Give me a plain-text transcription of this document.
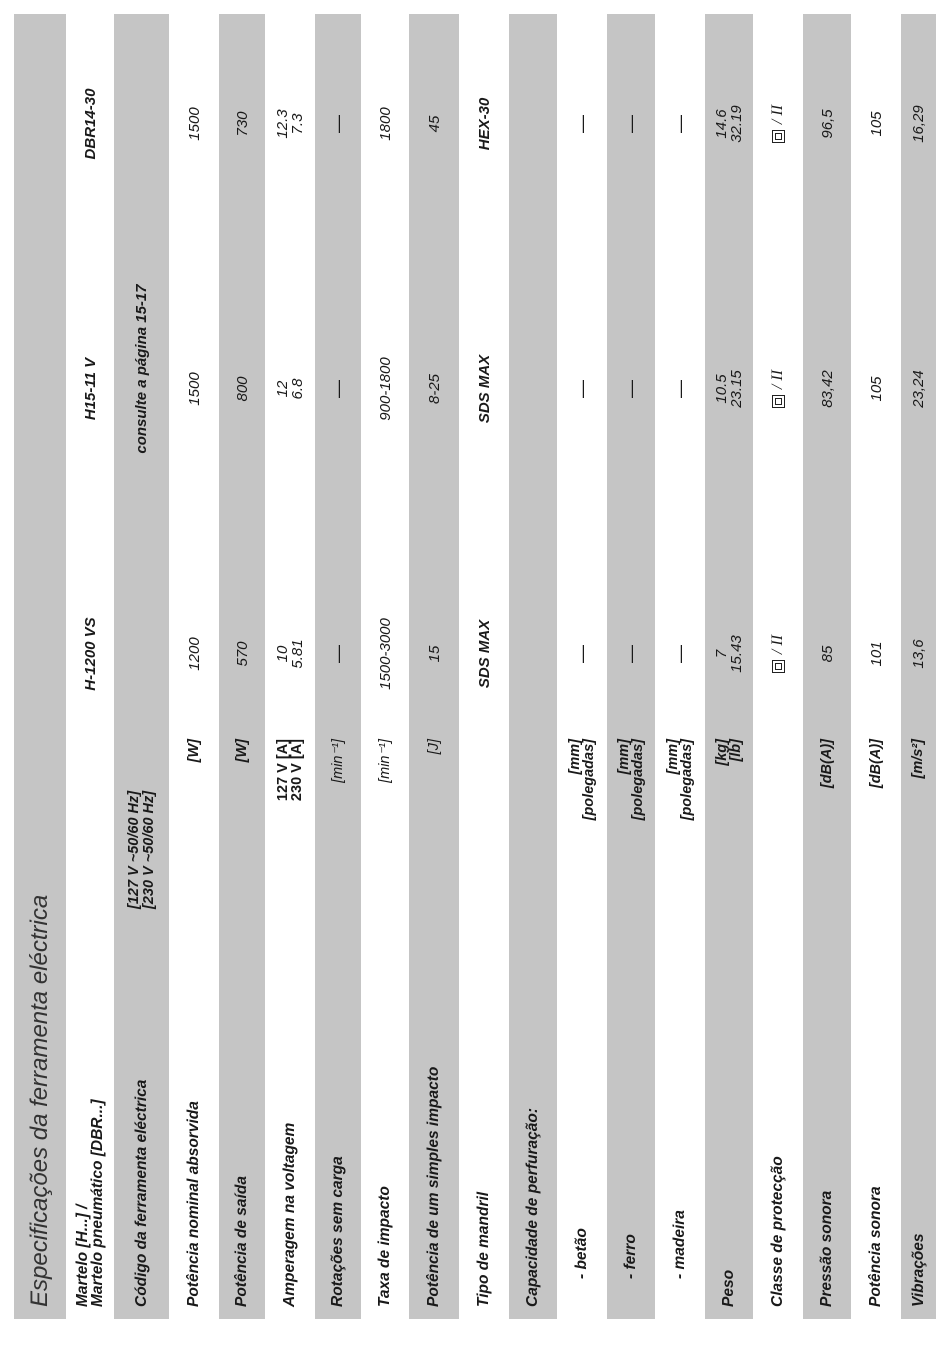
Especificações da ferramenta eléctrica Martelo [H...] /
Martelo pneumático [DBR...]
H-1200 VS
H15-11 V
DBR14-30
Código da ferramenta eléctrica
[127 V ~50/60 Hz]
[230 V ~50/60 Hz]
consulte a página 15-17
Potência nominal absorvida
[W]
1200
1500
1500
Potência de saída
[W]
570
800
730
Amperagem na voltagem
127 V [A]
230 V [A]
10
5.81
12
6.8
12.3
7.3
Rotações sem carga
[min⁻¹]
—
—
—
Taxa de impacto
[min⁻¹]
1500-3000
900-1800
1800
Potência de um simples impacto
[J]
15
8-25
45
Tipo de mandril
SDS MAX
SDS MAX
HEX-30
Capacidade de perfuração:	- betão
[mm]
[polegadas]
—
—
—
- ferro
[mm]
[polegadas]
—
—
—
- madeira
[mm]
[polegadas]
—
—
—
Peso
[kg]
[lb]
7
15.43
10.5
23.15
14.6
32.19
Classe de protecção
/ II
/ II
/ II
Pressão sonora
[dB(A)]
85
83,42
96,5
Potência sonora
[dB(A)]
101
105
105
Vibrações
[m/s²]
13,6
23,24
16,29
